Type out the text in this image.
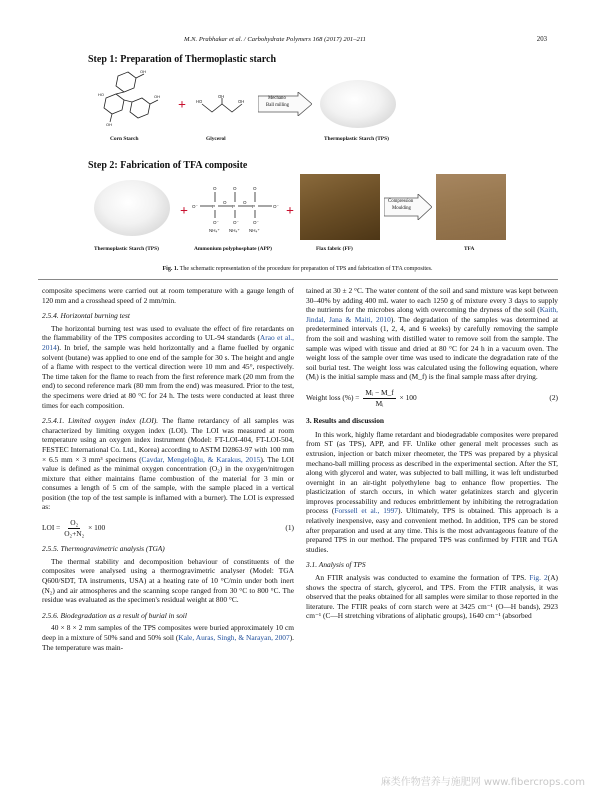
M.N. Prabhakar et al. / Carbohydrate Polymers 168 (2017) 201–211	203
Step 1: Preparation of Thermoplastic starch
OH
OH
OH
HO
Corn Starch
+ HO
OH
OH
Glycerol
Mechano
Ball milling
Thermoplastic Starch (TPS)
Step 2: Fabrication of TFA composite
Thermoplastic Starch (TPS)
+ O⁻	P	P	P	O⁻
O	O	O
O	O
O⁻	O⁻	O⁻
NH₄⁺ NH₄⁺ NH₄⁺
Ammonium polyphosphate (APP)
+
Flax fabric (FF)
Compression
Moulding
TFA
Fig. 1. The schematic representation of the procedure for preparation of TPS and fabrication of TFA composites.

composite specimens were carried out at room temperature with a gauge length of 120 mm and a crosshead speed of 2 mm/min.

2.5.4. Horizontal burning test

The horizontal burning test was used to evaluate the effect of fire retardants on the flammability of the TPS composites according to UL-94 standards (Arao et al., 2014). In brief, the sample was held horizontally and a flame fuelled by organic solvent (butane) was applied to one end of the sample for 30 s. The height and angle of a flame with respect to the vertical direction were 10 mm and 45°, respectively. The time taken for the flame to reach from the first reference mark (20 mm from the end) to second reference mark (80 mm from the end) was measured. Prior to the test, the specimens were dried at 80 °C for 24 h. The tests were conducted at least three times for each composition.

2.5.4.1. Limited oxygen index (LOI). The flame retardancy of all samples was characterized by limiting oxygen index (LOI). The LOI was measured at room temperature using an oxygen index instrument (Model: FT-LOI-404, FT-LOI-504, FESTEC International Co. Ltd., Korea) according to ASTM D2863-97 with 100 mm × 6.5 mm × 3 mm³ specimens (Cavdar, Mengeloğlu, & Karakus, 2015). The LOI value is defined as the minimal oxygen concentration (O₂) in the oxygen/nitrogen mixture that either maintains flame combustion of the material for 3 min or consumes a length of 5 cm of the sample, with the sample placed in a vertical position (the top of the test sample is inflamed with a burner). The LOI is expressed as:

LOI = $\frac{\text{O₂}}{\text{O₂+N₂}} \times 100$	(1)
2.5.5. Thermogravimetric analysis (TGA)

The thermal stability and decomposition behaviour of constituents of the composites were analysed using a thermogravimetric analyser (Model: TGA Q600/SDT, TA instruments, USA) at a heating rate of 10 °C/min under both inert (N₂) and air atmospheres and the scanning scope ranged from 30 °C to 800 °C. The residue was evaluated as the specimen's residual weight at 800 °C.

2.5.6. Biodegradation as a result of burial in soil

40 × 8 × 2 mm samples of the TPS composites were buried approximately 10 cm deep in a mixture of 50% sand and 50% soil (Kale, Auras, Singh, & Narayan, 2007). The temperature was main-

tained at 30 ± 2 °C. The water content of the soil and sand mixture was kept between 30–40% by adding 400 mL water to each 1250 g of mixture every 3 days to supply the nutrients for the microbes along with overcoming the dryness of the soil (Kaith, Jindal, Jana & Maiti, 2010). The degradation of the samples was determined at predetermined intervals (1, 2, 4, and 6 weeks) by carefully removing the sample from the soil and washing with distilled water to remove soil from the sample. The sample was wiped with tissue and dried at 80 °C for 24 h in a vacuum oven. The weight loss of the sample over time was used to indicate the degradation rate of the soil burial test. The weight loss was calculated using the following equation, where (Mᵢ) is the initial sample mass and (M_f) is the final sample mass after drying.

Weight loss (%) = $\frac{\text{Mᵢ − M\_f}}{\text{Mᵢ}} \times 100$	(2)
3. Results and discussion

In this work, highly flame retardant and biodegradable composites were prepared from ST (as TPS), APP, and FF. Unlike other general melt processes such as extrusion, injection or batch mixer rheometer, the TPS was prepared by a physical mechano-ball milling process as described in the experimental section. After the ST, along with glycerol and water, was subjected to ball milling, it was left undisturbed overnight in an air-tight polyethylene bag to enhance flow properties. The plasticization of starch occurs, in which water gelatinizes starch and glycerin improves processability and reduces embrittlement by inhibiting the retrogradation process (Forssell et al., 1997). Ultimately, TPS is obtained. This approach is a relatively inexpensive, easy and convenient method. In addition, TPS can be stored after preparation and used at any time. This is the most advantageous feature of the prepared TPS in our method. The prepared TPS was confirmed by FTIR and TGA studies.

3.1. Analysis of TPS

An FTIR analysis was conducted to examine the formation of TPS. Fig. 2(A) shows the spectra of starch, glycerol, and TPS. From the FTIR analysis, it was observed that the peaks obtained for all samples were similar to those reported in the literature. The FTIR peaks of corn starch were at 3425 cm⁻¹ (O—H bands), 2923 cm⁻¹ (C—H stretching vibrations of aliphatic groups), 1640 cm⁻¹ (absorbed

麻类作物营养与施肥网 www.fibercrops.com
